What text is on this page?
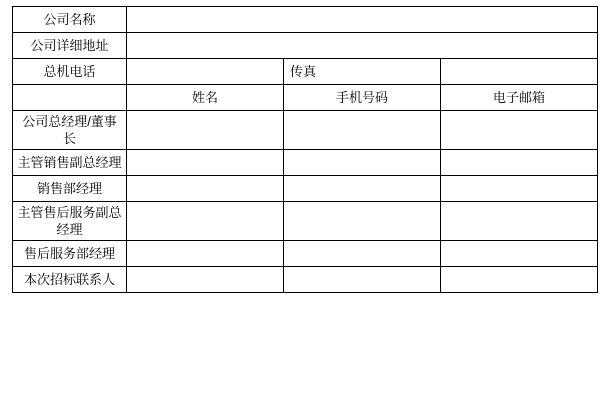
公司名称			
公司详细地址			
总机电话		传真	
	姓名	手机号码	电子邮箱
公司总经理/董事长			
主管销售副总经理			
销售部经理			
主管售后服务副总经理			
售后服务部经理			
本次招标联系人			
